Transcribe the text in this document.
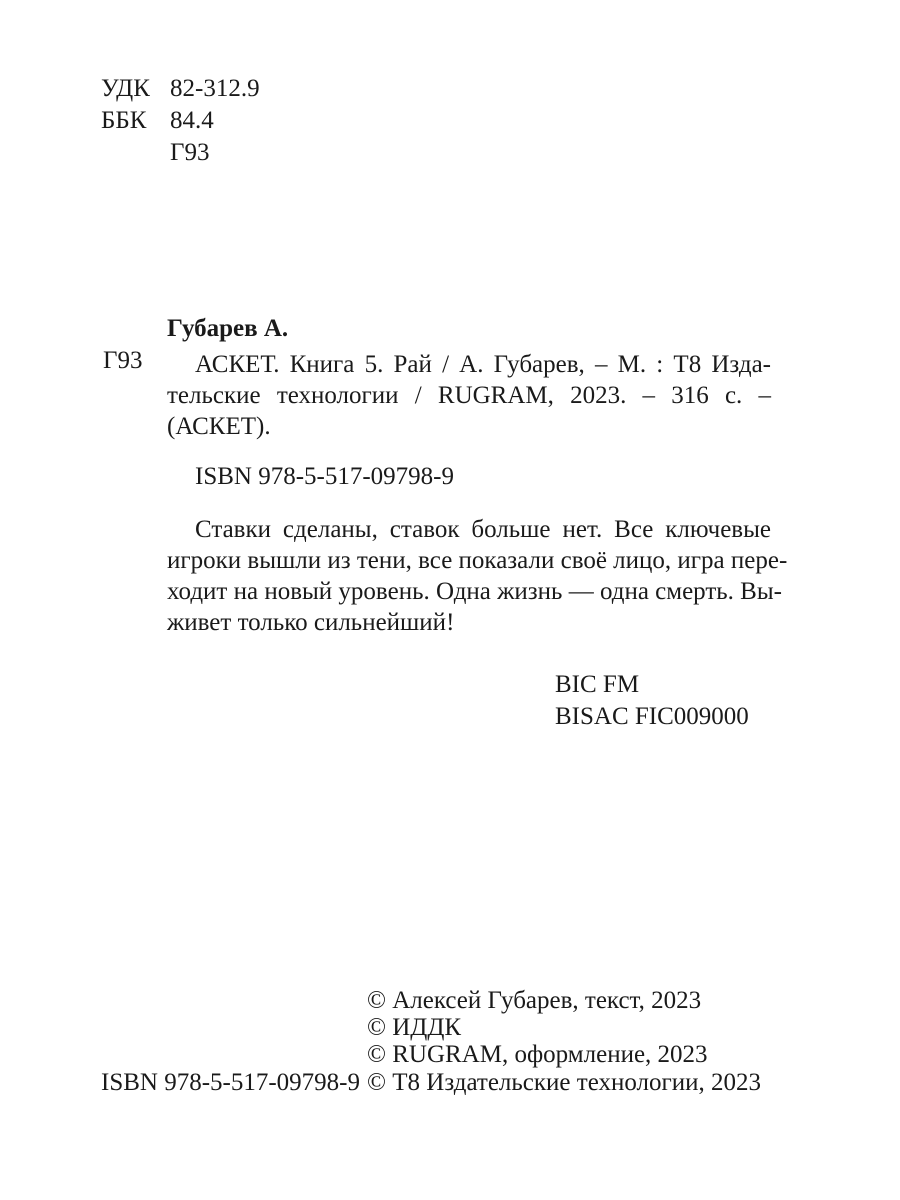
УДК 82-312.9
ББК 84.4
Г93
Губарев А.
Г93 АСКЕТ. Книга 5. Рай / А. Губарев, – М. : Т8 Изда-
тельские технологии / RUGRAM, 2023. – 316 с. –
(АСКЕТ).
ISBN 978-5-517-09798-9
Ставки сделаны, ставок больше нет. Все ключевые
игроки вышли из тени, все показали своё лицо, игра пере-
ходит на новый уровень. Одна жизнь — одна смерть. Вы-
живет только сильнейший!
BIC FM
BISAC FIC009000
© Алексей Губарев, текст, 2023
© ИДДК
© RUGRAM, оформление, 2023
ISBN 978-5-517-09798-9 © Т8 Издательские технологии, 2023
